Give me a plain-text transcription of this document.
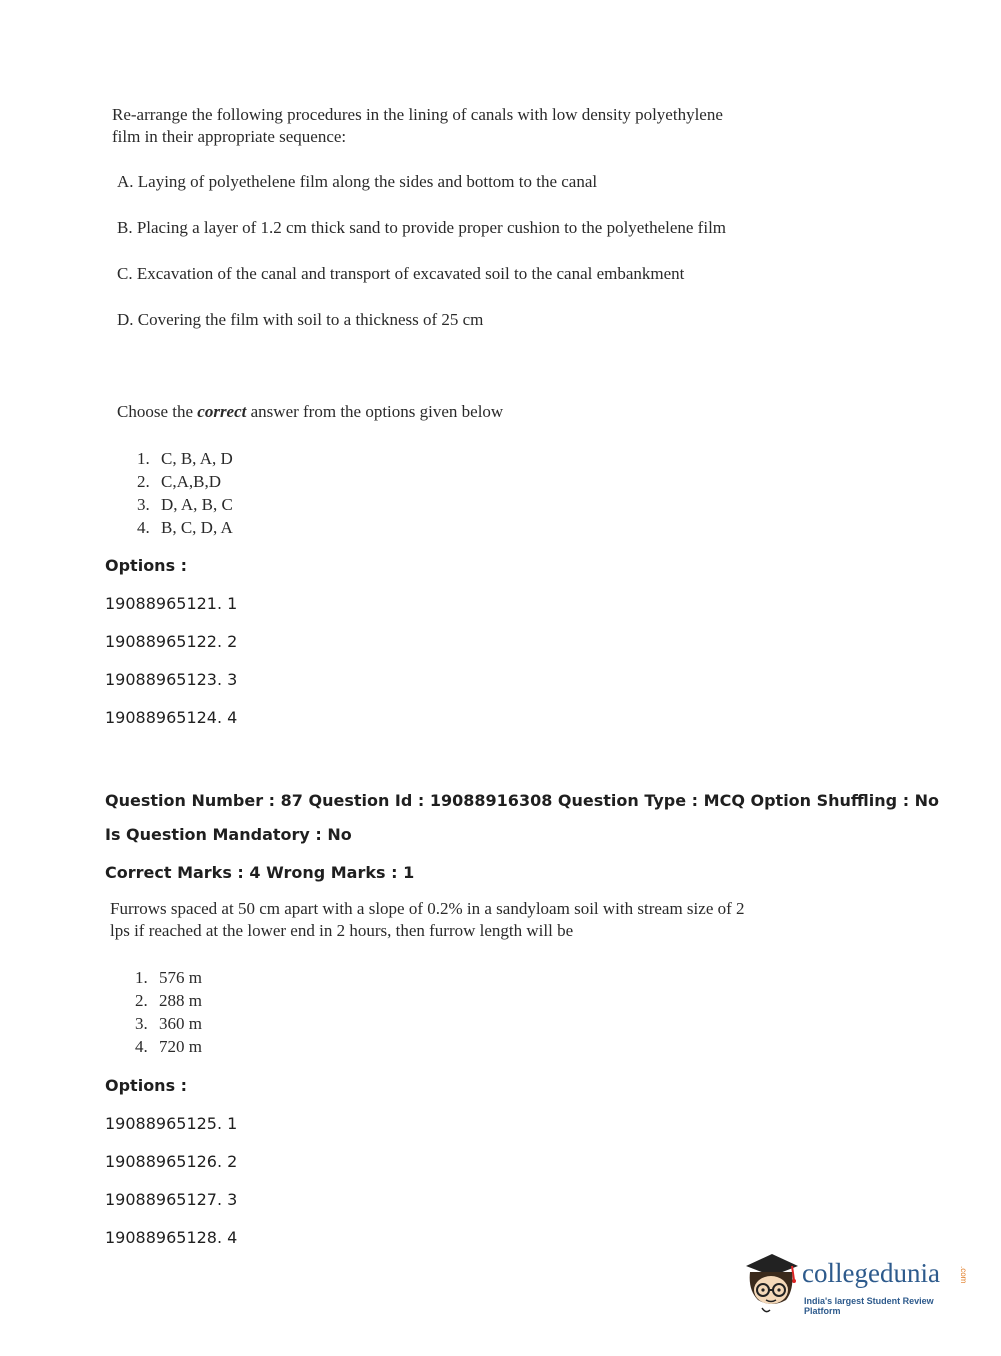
Re-arrange the following procedures in the lining of canals with low density polyethylene
film in their appropriate sequence:
A. Laying of polyethelene film along the sides and bottom to the canal
B. Placing a layer of 1.2 cm thick sand to provide proper cushion to the polyethelene film
C. Excavation of the canal and transport of excavated soil to the canal embankment
D. Covering the film with soil to a thickness of 25 cm
Choose the correct answer from the options given below
1. C, B, A, D
2. C,A,B,D
3. D, A, B, C
4. B, C, D, A
Options :
19088965121. 1
19088965122. 2
19088965123. 3
19088965124. 4
Question Number : 87 Question Id : 19088916308 Question Type : MCQ Option Shuffling : No
Is Question Mandatory : No
Correct Marks : 4 Wrong Marks : 1
Furrows spaced at 50 cm apart with a slope of 0.2% in a sandyloam soil with stream size of 2
lps if reached at the lower end in 2 hours, then furrow length will be
1. 576 m
2. 288 m
3. 360 m
4. 720 m
Options :
19088965125. 1
19088965126. 2
19088965127. 3
19088965128. 4
collegedunia .com
India's largest Student Review Platform
